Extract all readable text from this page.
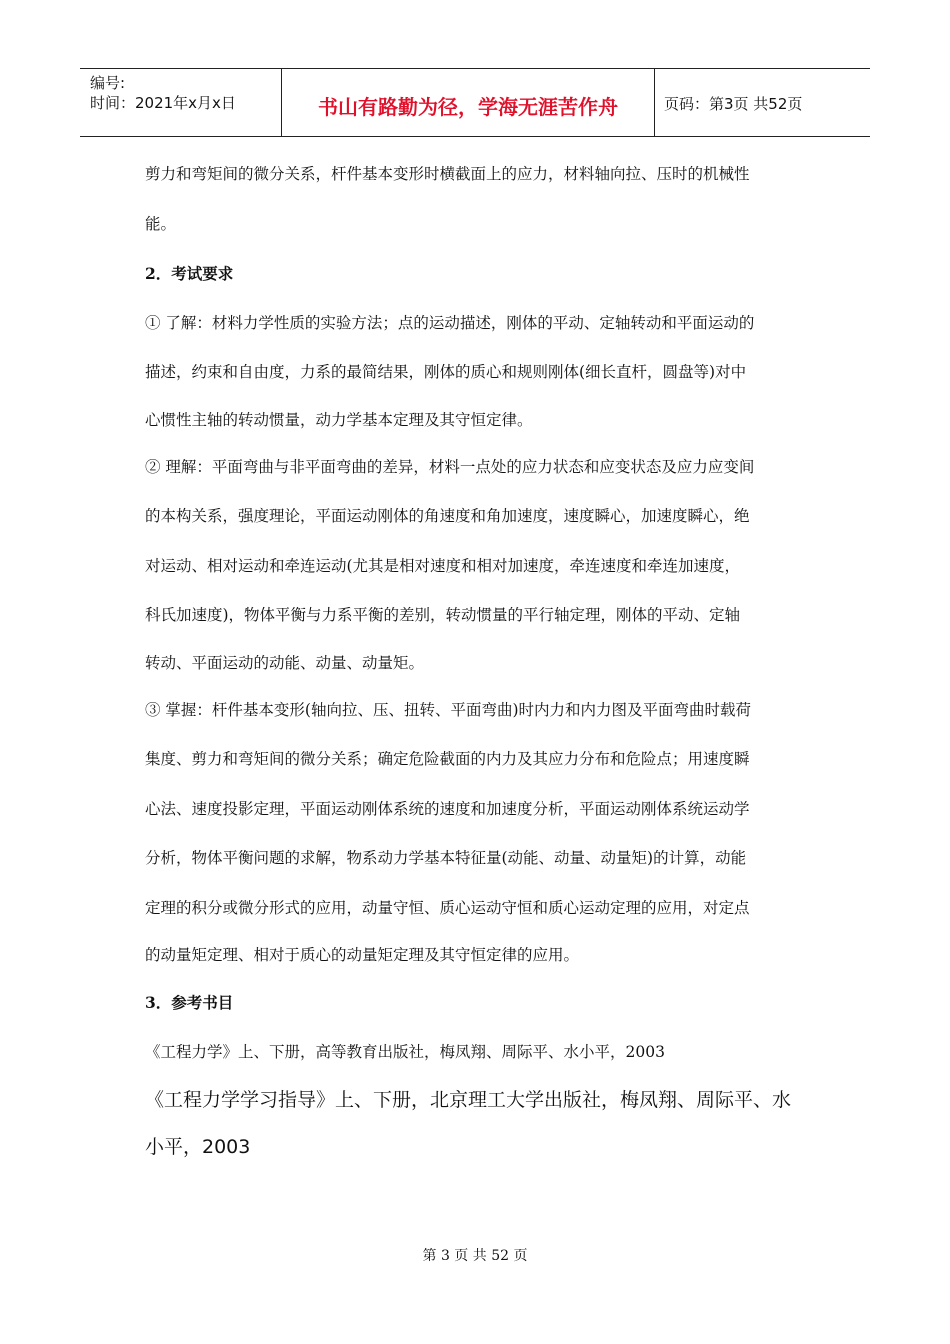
编号:
时间：2021年x月x日	书山有路勤为径，学海无涯苦作舟	页码：第3页 共52页
剪力和弯矩间的微分关系，杆件基本变形时横截面上的应力，材料轴向拉、压时的机械性
能。
2．考试要求
① 了解：材料力学性质的实验方法；点的运动描述，刚体的平动、定轴转动和平面运动的
描述，约束和自由度，力系的最简结果，刚体的质心和规则刚体(细长直杆，圆盘等)对中
心惯性主轴的转动惯量，动力学基本定理及其守恒定律。
② 理解：平面弯曲与非平面弯曲的差异，材料一点处的应力状态和应变状态及应力应变间
的本构关系，强度理论，平面运动刚体的角速度和角加速度，速度瞬心，加速度瞬心，绝
对运动、相对运动和牵连运动(尤其是相对速度和相对加速度，牵连速度和牵连加速度，
科氏加速度)，物体平衡与力系平衡的差别，转动惯量的平行轴定理，刚体的平动、定轴
转动、平面运动的动能、动量、动量矩。
③ 掌握：杆件基本变形(轴向拉、压、扭转、平面弯曲)时内力和内力图及平面弯曲时载荷
集度、剪力和弯矩间的微分关系；确定危险截面的内力及其应力分布和危险点；用速度瞬
心法、速度投影定理，平面运动刚体系统的速度和加速度分析，平面运动刚体系统运动学
分析，物体平衡问题的求解，物系动力学基本特征量(动能、动量、动量矩)的计算，动能
定理的积分或微分形式的应用，动量守恒、质心运动守恒和质心运动定理的应用，对定点
的动量矩定理、相对于质心的动量矩定理及其守恒定律的应用。
3．参考书目
《工程力学》上、下册，高等教育出版社，梅凤翔、周际平、水小平，2003
《工程力学学习指导》上、下册，北京理工大学出版社，梅凤翔、周际平、水
小平，2003
第 3 页 共 52 页
